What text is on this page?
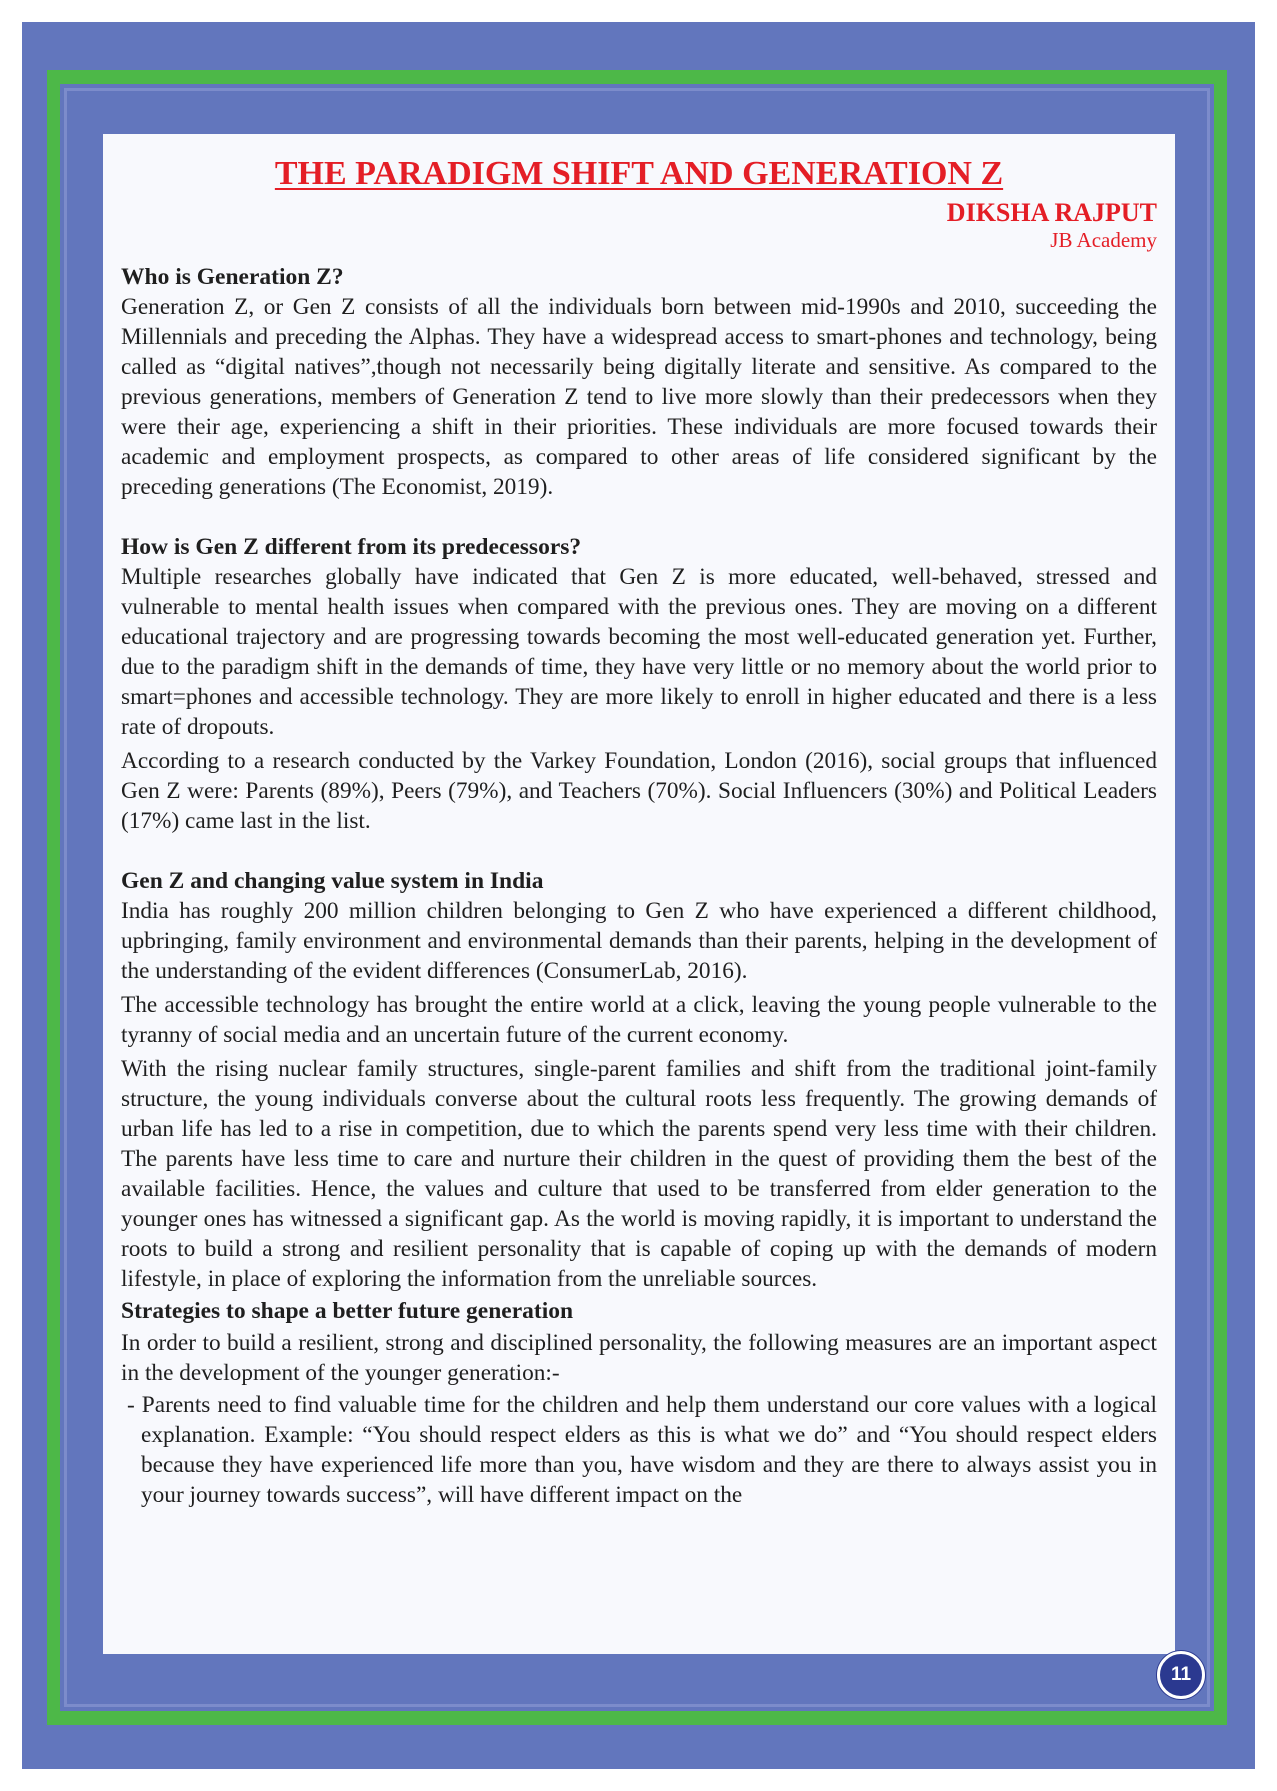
THE PARADIGM SHIFT AND GENERATION Z
DIKSHA RAJPUT
JB Academy
Who is Generation Z?

Generation Z, or Gen Z consists of all the individuals born between mid-1990s and 2010, succeeding the Millennials and preceding the Alphas. They have a widespread access to smart-phones and technology, being called as “digital natives”,though not necessarily being digitally literate and sensitive. As compared to the previous generations, members of Generation Z tend to live more slowly than their predecessors when they were their age, experiencing a shift in their priorities. These individuals are more focused towards their academic and employment prospects, as compared to other areas of life considered significant by the preceding generations (The Economist, 2019).

How is Gen Z different from its predecessors?

Multiple researches globally have indicated that Gen Z is more educated, well-behaved, stressed and vulnerable to mental health issues when compared with the previous ones. They are moving on a different educational trajectory and are progressing towards becoming the most well-educated generation yet. Further, due to the paradigm shift in the demands of time, they have very little or no memory about the world prior to smart=phones and accessible technology. They are more likely to enroll in higher educated and there is a less rate of dropouts.

According to a research conducted by the Varkey Foundation, London (2016), social groups that influenced Gen Z were: Parents (89%), Peers (79%), and Teachers (70%). Social Influencers (30%) and Political Leaders (17%) came last in the list.

Gen Z and changing value system in India

India has roughly 200 million children belonging to Gen Z who have experienced a different childhood, upbringing, family environment and environmental demands than their parents, helping in the development of the understanding of the evident differences (ConsumerLab, 2016).

The accessible technology has brought the entire world at a click, leaving the young people vulnerable to the tyranny of social media and an uncertain future of the current economy.

With the rising nuclear family structures, single-parent families and shift from the traditional joint-family structure, the young individuals converse about the cultural roots less frequently. The growing demands of urban life has led to a rise in competition, due to which the parents spend very less time with their children. The parents have less time to care and nurture their children in the quest of providing them the best of the available facilities. Hence, the values and culture that used to be transferred from elder generation to the younger ones has witnessed a significant gap. As the world is moving rapidly, it is important to understand the roots to build a strong and resilient personality that is capable of coping up with the demands of modern lifestyle, in place of exploring the information from the unreliable sources.

Strategies to shape a better future generation

In order to build a resilient, strong and disciplined personality, the following measures are an important aspect in the development of the younger generation:-

- Parents need to find valuable time for the children and help them understand our core values with a logical explanation. Example: “You should respect elders as this is what we do” and “You should respect elders because they have experienced life more than you, have wisdom and they are there to always assist you in your journey towards success”, will have different impact on the

11
